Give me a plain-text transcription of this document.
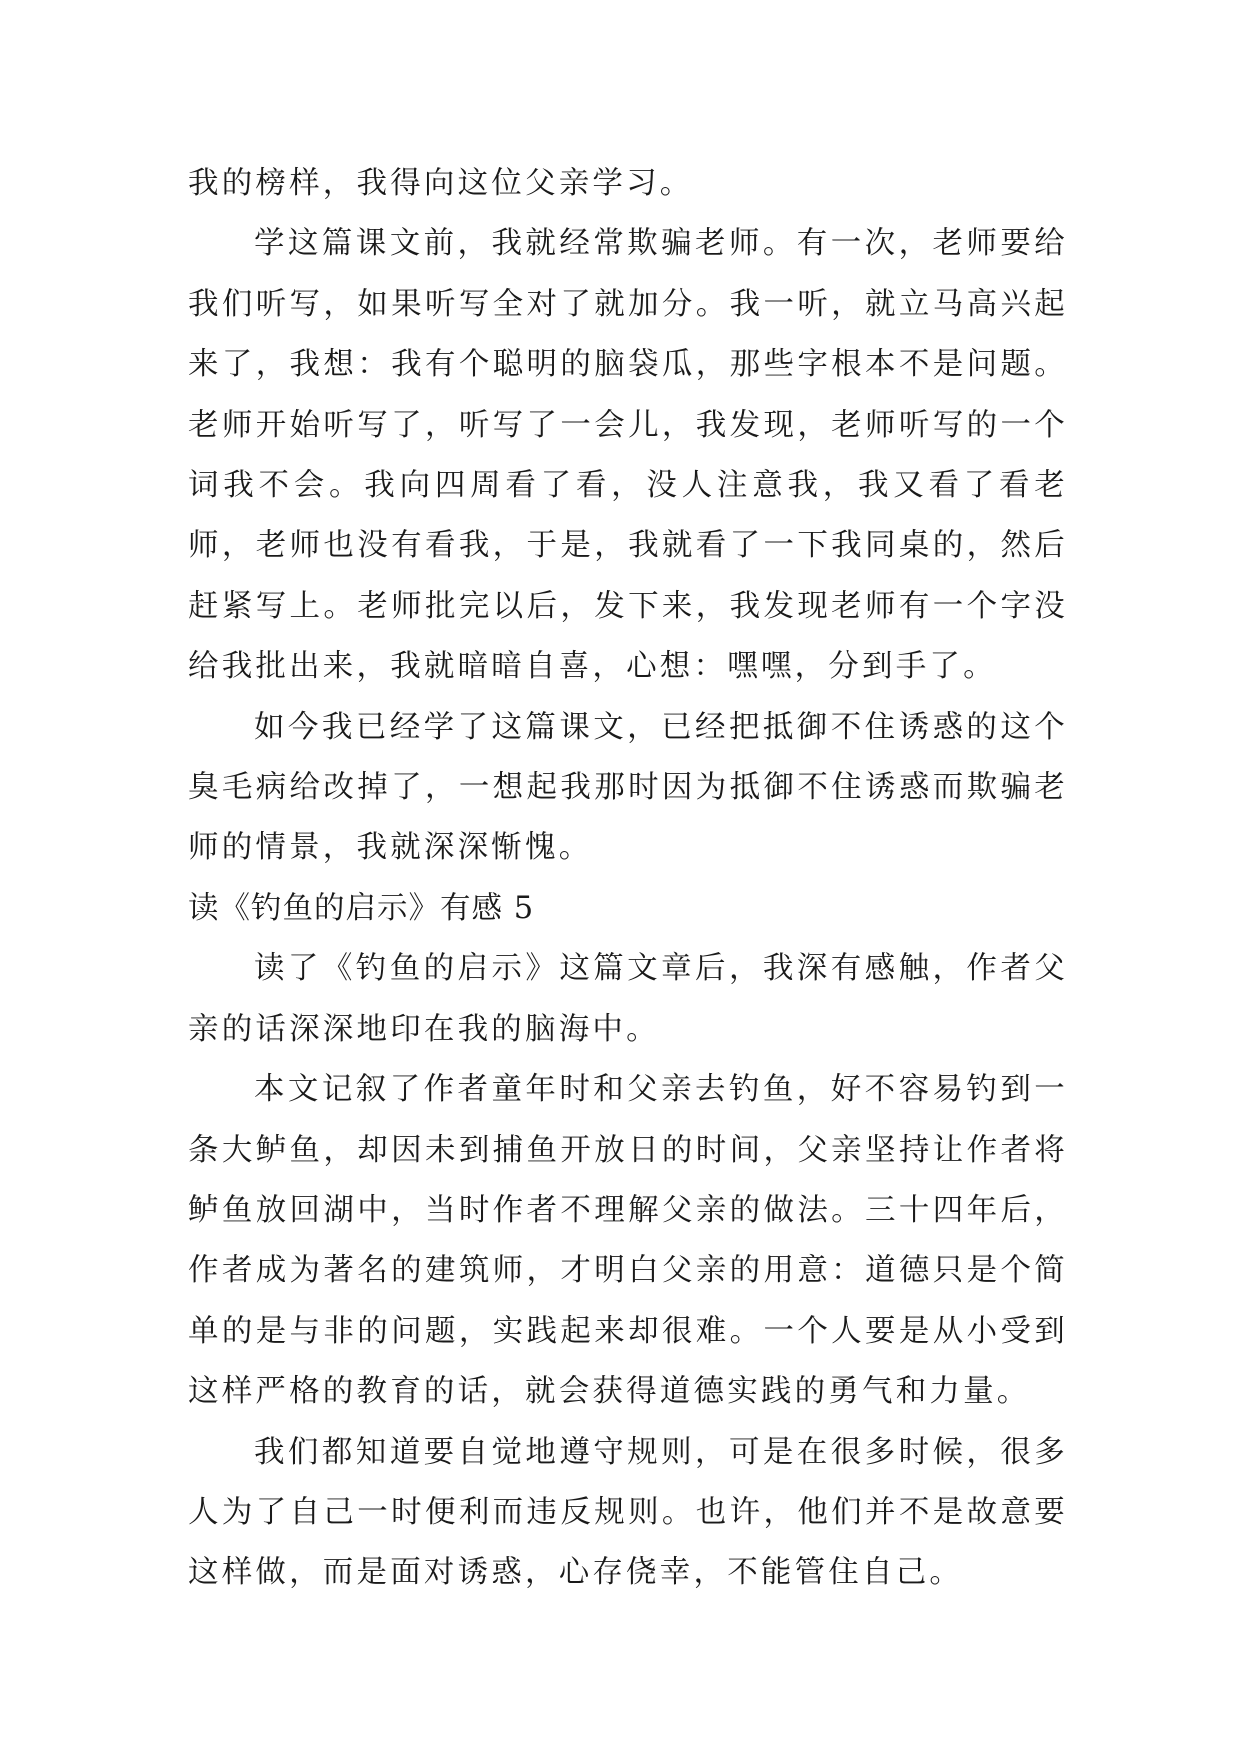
我的榜样，我得向这位父亲学习。

学这篇课文前，我就经常欺骗老师。有一次，老师要给我们听写，如果听写全对了就加分。我一听，就立马高兴起来了，我想：我有个聪明的脑袋瓜，那些字根本不是问题。老师开始听写了，听写了一会儿，我发现，老师听写的一个词我不会。我向四周看了看，没人注意我，我又看了看老师，老师也没有看我，于是，我就看了一下我同桌的，然后赶紧写上。老师批完以后，发下来，我发现老师有一个字没给我批出来，我就暗暗自喜，心想：嘿嘿，分到手了。

如今我已经学了这篇课文，已经把抵御不住诱惑的这个臭毛病给改掉了，一想起我那时因为抵御不住诱惑而欺骗老师的情景，我就深深惭愧。

读《钓鱼的启示》有感 5

读了《钓鱼的启示》这篇文章后，我深有感触，作者父亲的话深深地印在我的脑海中。

本文记叙了作者童年时和父亲去钓鱼，好不容易钓到一条大鲈鱼，却因未到捕鱼开放日的时间，父亲坚持让作者将鲈鱼放回湖中，当时作者不理解父亲的做法。三十四年后，作者成为著名的建筑师，才明白父亲的用意：道德只是个简单的是与非的问题，实践起来却很难。一个人要是从小受到这样严格的教育的话，就会获得道德实践的勇气和力量。

我们都知道要自觉地遵守规则，可是在很多时候，很多人为了自己一时便利而违反规则。也许，他们并不是故意要这样做，而是面对诱惑，心存侥幸，不能管住自己。
